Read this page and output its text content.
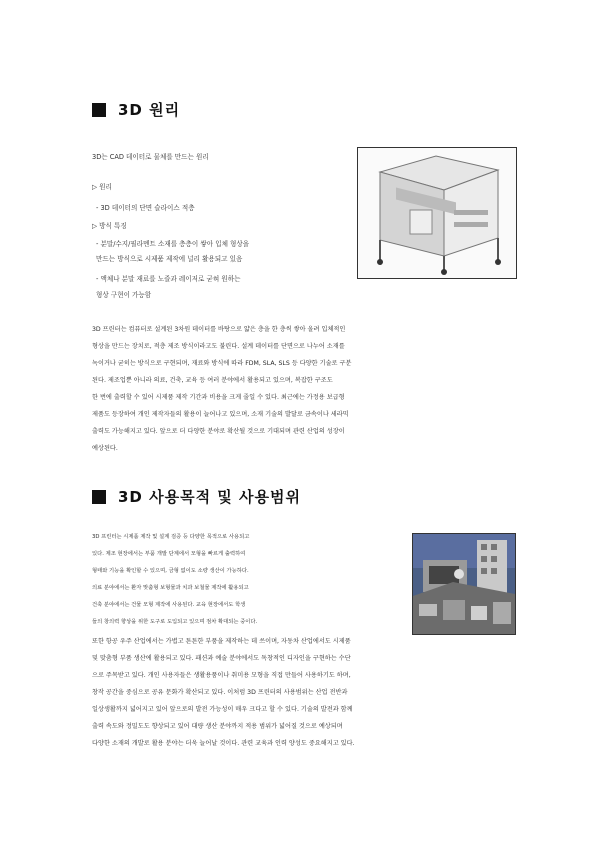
3D 원리
3D는 CAD 데이터로 물체를 만드는 원리
▷ 원리
- 3D 데이터의 단면 슬라이스 적층
▷ 방식 특징
- 분말/수지/필라멘트 소재를 층층이 쌓아 입체 형상을
만드는 방식으로 시제품 제작에 널리 활용되고 있음
- 액체나 분말 재료를 노즐과 레이저로 굳혀 원하는
형상 구현이 가능함
3D 프린터는 컴퓨터로 설계된 3차원 데이터를 바탕으로 얇은 층을 한 층씩 쌓아 올려 입체적인
형상을 만드는 장치로, 적층 제조 방식이라고도 불린다. 설계 데이터를 단면으로 나누어 소재를
녹이거나 굳히는 방식으로 구현되며, 재료와 방식에 따라 FDM, SLA, SLS 등 다양한 기술로 구분
된다. 제조업뿐 아니라 의료, 건축, 교육 등 여러 분야에서 활용되고 있으며, 복잡한 구조도
한 번에 출력할 수 있어 시제품 제작 기간과 비용을 크게 줄일 수 있다. 최근에는 가정용 보급형
제품도 등장하여 개인 제작자들의 활용이 늘어나고 있으며, 소재 기술의 발달로 금속이나 세라믹
출력도 가능해지고 있다. 앞으로 더 다양한 분야로 확산될 것으로 기대되며 관련 산업의 성장이
예상된다.
3D 사용목적 및 사용범위
3D 프린터는 시제품 제작 및 설계 검증 등 다양한 목적으로 사용되고
있다. 제조 현장에서는 부품 개발 단계에서 모형을 빠르게 출력하여
형태와 기능을 확인할 수 있으며, 금형 없이도 소량 생산이 가능하다.
의료 분야에서는 환자 맞춤형 보형물과 치과 보철물 제작에 활용되고
건축 분야에서는 건물 모형 제작에 사용된다. 교육 현장에서도 학생
들의 창의력 향상을 위한 도구로 도입되고 있으며 점차 확대되는 중이다.
또한 항공 우주 산업에서는 가볍고 튼튼한 부품을 제작하는 데 쓰이며, 자동차 산업에서도 시제품
및 맞춤형 부품 생산에 활용되고 있다. 패션과 예술 분야에서도 독창적인 디자인을 구현하는 수단
으로 주목받고 있다. 개인 사용자들은 생활용품이나 취미용 모형을 직접 만들어 사용하기도 하며,
창작 공간을 중심으로 공유 문화가 확산되고 있다. 이처럼 3D 프린터의 사용범위는 산업 전반과
일상생활까지 넓어지고 있어 앞으로의 발전 가능성이 매우 크다고 할 수 있다. 기술의 발전과 함께
출력 속도와 정밀도도 향상되고 있어 대량 생산 분야까지 적용 범위가 넓어질 것으로 예상되며
다양한 소재의 개발로 활용 분야는 더욱 늘어날 것이다. 관련 교육과 인력 양성도 중요해지고 있다.
